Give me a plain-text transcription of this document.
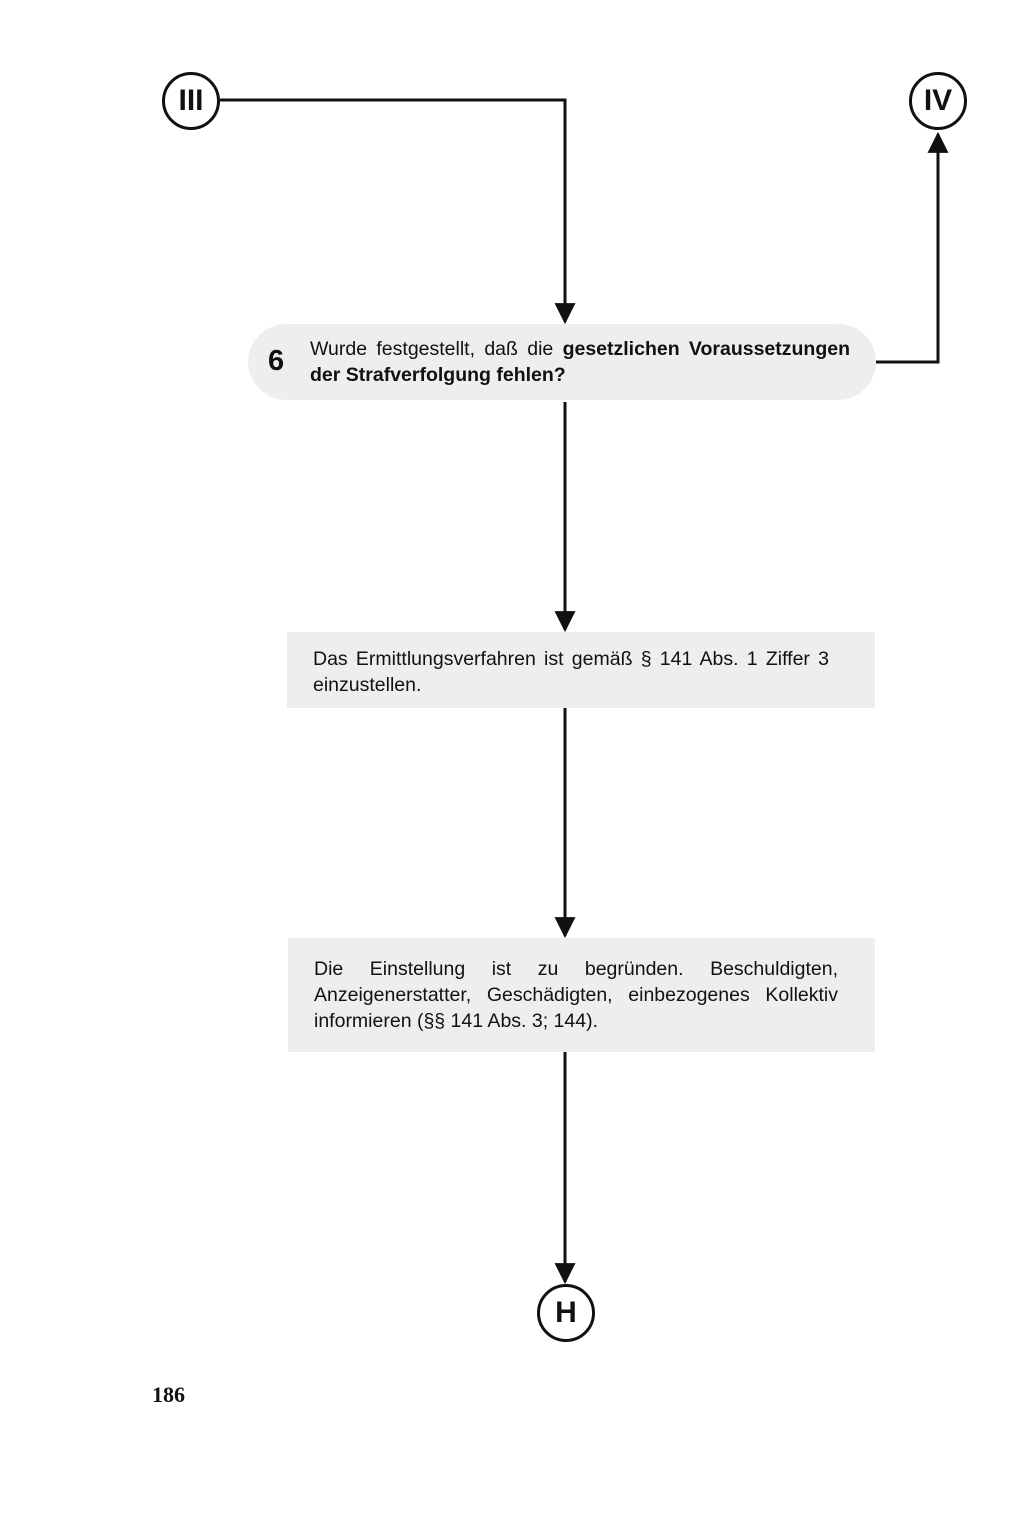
III	IV
6 Wurde festgestellt, daß die gesetzlichen Voraussetzungen der Strafverfolgung fehlen?

Das Ermittlungsverfahren ist gemäß § 141 Abs. 1 Ziffer 3 einzustellen.

Die Einstellung ist zu begründen. Beschuldigten, Anzeigenerstatter, Geschädigten, einbezogenes Kollektiv informieren (§§ 141 Abs. 3; 144).

H
186
